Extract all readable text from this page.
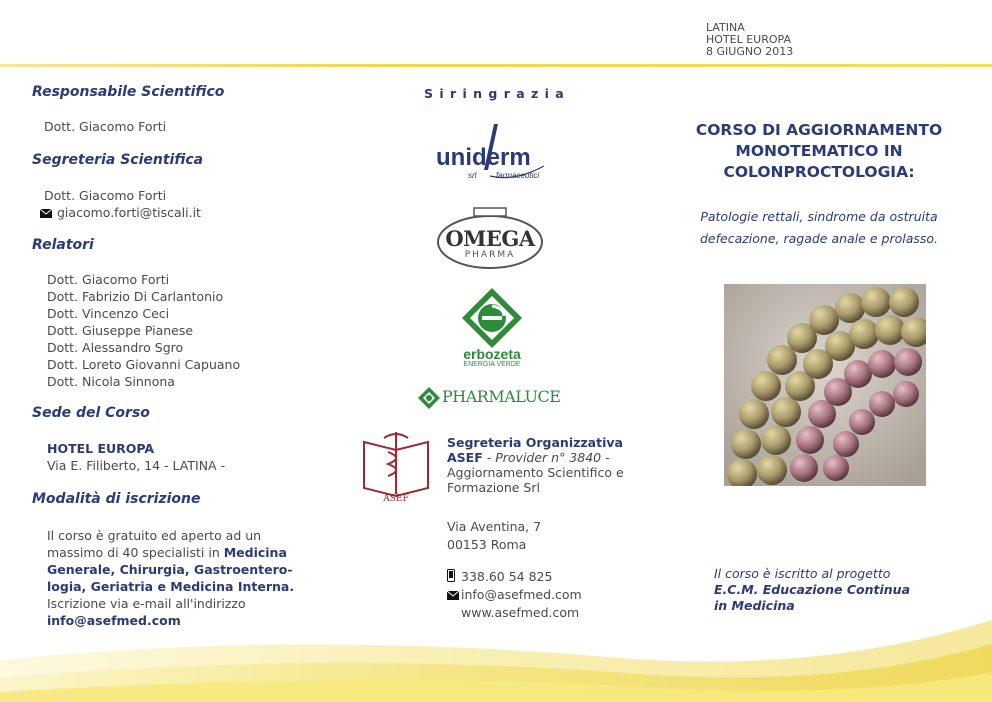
LATINA
HOTEL EUROPA
8 GIUGNO 2013
Responsabile Scientifico
Dott. Giacomo Forti
Segreteria Scientifica
Dott. Giacomo Forti
giacomo.forti@tiscali.it
Relatori
Dott. Giacomo Forti
Dott. Fabrizio Di Carlantonio
Dott. Vincenzo Ceci
Dott. Giuseppe Pianese
Dott. Alessandro Sgro
Dott. Loreto Giovanni Capuano
Dott. Nicola Sinnona
Sede del Corso
HOTEL EUROPA
Via E. Filiberto, 14 - LATINA -
Modalità di iscrizione
Il corso è gratuito ed aperto ad un
massimo di 40 specialisti in Medicina
Generale, Chirurgia, Gastroentero-
logia, Geriatria e Medicina Interna.
Iscrizione via e-mail all'indirizzo
info@asefmed.com
S i r i n g r a z i a
uniderm
srl farmaceutici
OMEGA
PHARMA
erbozeta
ENERGIA VERDE
PHARMALUCE
ASEF
Segreteria Organizzativa
ASEF - Provider n° 3840 -
Aggiornamento Scientifico e
Formazione Srl
Via Aventina, 7
00153 Roma
338.60 54 825
info@asefmed.com
www.asefmed.com
CORSO DI AGGIORNAMENTO
MONOTEMATICO IN
COLONPROCTOLOGIA:
Patologie rettali, sindrome da ostruita
defecazione, ragade anale e prolasso.
Il corso è iscritto al progetto
E.C.M. Educazione Continua
in Medicina
